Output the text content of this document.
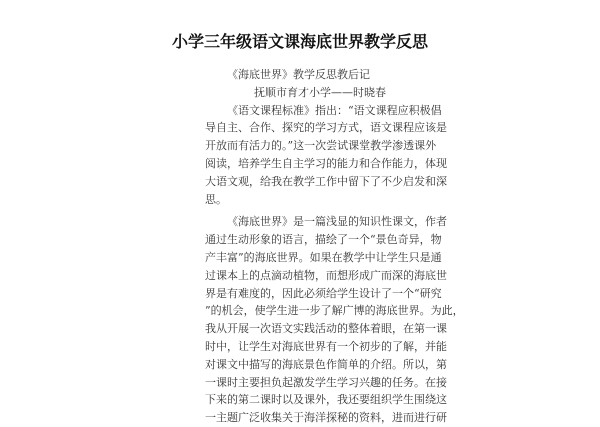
小学三年级语文课海底世界教学反思
《海底世界》教学反思教后记
抚顺市育才小学——时晓春
《语文课程标准》指出：“语文课程应积极倡
导自主、合作、探究的学习方式，语文课程应该是
开放而有活力的。”这一次尝试课堂教学渗透课外
阅读，培养学生自主学习的能力和合作能力，体现
大语文观，给我在教学工作中留下了不少启发和深
思。
《海底世界》是一篇浅显的知识性课文，作者
通过生动形象的语言，描绘了一个“景色奇异，物
产丰富”的海底世界。如果在教学中让学生只是通
过课本上的点滴动植物，而想形成广而深的海底世
界是有难度的，因此必须给学生设计了一个“研究
”的机会，使学生进一步了解广博的海底世界。为此，
我从开展一次语文实践活动的整体着眼，在第一课
时中，让学生对海底世界有一个初步的了解，并能
对课文中描写的海底景色作简单的介绍。所以，第
一课时主要担负起激发学生学习兴趣的任务。在接
下来的第二课时以及课外，我还要组织学生围绕这
一主题广泛收集关于海洋探秘的资料，进而进行研
